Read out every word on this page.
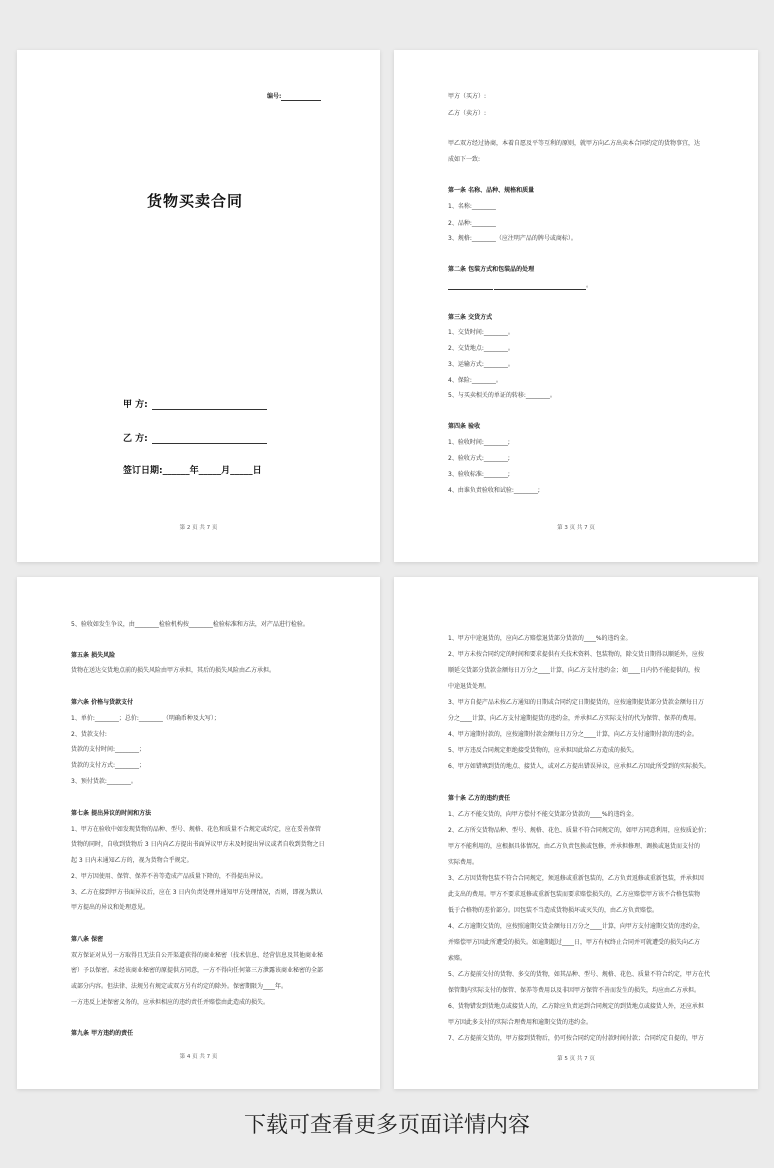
编号:
货物买卖合同
甲 方:
乙 方:
签订日期:______年_____月_____日
第 2 页 共 7 页

甲方（买方）:
乙方（卖方）:
甲乙双方经过协商，本着自愿及平等互利的原则，就甲方向乙方出卖本合同约定的货物事宜，达
成如下一致:
第一条 名称、品种、规格和质量
1、名称:________
2、品种:________
3、规格:________（应注明产品的牌号或商标）。
第二条 包装方式和包装品的处理
。
第三条 交货方式
1、交货时间:________。
2、交货地点:________。
3、运输方式:________。
4、保险:________。
5、与买卖相关的单证的转移:________。
第四条 验收
1、验收时间:________;
2、验收方式:________;
3、验收标准:________;
4、由谁负责验收和试验:________;
第 3 页 共 7 页
5、验收如发生争议，由________检验机构按________检验标准和方法，对产品进行检验。
第五条 损失风险
货物在送达交货地点前的损失风险由甲方承担，其后的损失风险由乙方承担。
第六条 价格与货款支付
1、单价:________；总价:________（明确币种及大写）；
2、货款支付:
货款的支付时间:________；
货款的支付方式:________；
3、预付货款:________。
第七条 提出异议的时间和方法
1、甲方在验收中如发现货物的品种、型号、规格、花色和质量不合规定或约定，应在妥善保管
货物的同时，自收到货物后 3 日内向乙方提出书面异议甲方未及时提出异议或者自收到货物之日
起 3 日内未通知乙方的，视为货物合乎规定。
2、甲方因使用、保管、保养不善等造成产品质量下降的，不得提出异议。
3、乙方在接到甲方书面异议后，应在 3 日内负责处理并通知甲方处理情况，否则，即视为默认
甲方提出的异议和处理意见。
第八条 保密
双方保证对从另一方取得且无法自公开渠道获得的商业秘密（技术信息、经营信息及其他商业秘
密）予以保密。未经该商业秘密的原提供方同意，一方不得向任何第三方泄露该商业秘密的全部
或部分内容。但法律、法规另有规定或双方另有约定的除外。保密期限为____年。
一方违反上述保密义务的，应承担相应的违约责任并赔偿由此造成的损失。
第九条 甲方违约的责任
第 4 页 共 7 页
1、甲方中途退货的，应向乙方赔偿退货部分货款的____%的违约金。
2、甲方未按合同约定的时间和要求提供有关技术资料、包装物的，除交货日期得以顺延外，应按
顺延交货部分货款金额每日万分之____计算，向乙方支付违约金；如____日内仍不能提供的，按
中途退货处理。
3、甲方自提产品未按乙方通知的日期或合同约定日期提货的，应按逾期提货部分货款金额每日万
分之____计算，向乙方支付逾期提货的违约金，并承担乙方实际支付的代为保管、保养的费用。
4、甲方逾期付款的，应按逾期付款金额每日万分之____计算，向乙方支付逾期付款的违约金。
5、甲方违反合同规定拒绝接受货物的，应承担因此给乙方造成的损失。
6、甲方如错填到货的地点、接货人，或对乙方提出错误异议，应承担乙方因此所受到的实际损失。
第十条 乙方的违约责任
1、乙方不能交货的，向甲方偿付不能交货部分货款的____%的违约金。
2、乙方所交货物品种、型号、规格、花色、质量不符合同规定的，如甲方同意利用，应按质论价；
甲方不能利用的，应根据具体情况，由乙方负责包换或包修，并承担修理、调换或退货而支付的
实际费用。
3、乙方因货物包装不符合合同规定，须返修或重新包装的，乙方负责返修或重新包装，并承担因
此支出的费用。甲方不要求返修或重新包装而要求赔偿损失的，乙方应赔偿甲方该不合格包装物
低于合格物的差价部分。因包装不当造成货物损坏或灭失的，由乙方负责赔偿。
4、乙方逾期交货的，应按照逾期交货金额每日万分之____计算，向甲方支付逾期交货的违约金，
并赔偿甲方因此所遭受的损失。如逾期超过____日，甲方有权终止合同并可就遭受的损失向乙方
索赔。
5、乙方提前交付的货物、多交的货物，如其品种、型号、规格、花色、质量不符合约定，甲方在代
保管期内实际支付的保管、保养等费用以及非因甲方保管不善而发生的损失，均应由乙方承担。
6、货物错发到货地点或接货人的，乙方除应负责运到合同规定的到货地点或接货人外，还应承担
甲方因此多支付的实际合理费用和逾期交货的违约金。
7、乙方提前交货的，甲方接到货物后，仍可按合同约定的付款时间付款；合同约定自提的，甲方
第 5 页 共 7 页
下载可查看更多页面详情内容
